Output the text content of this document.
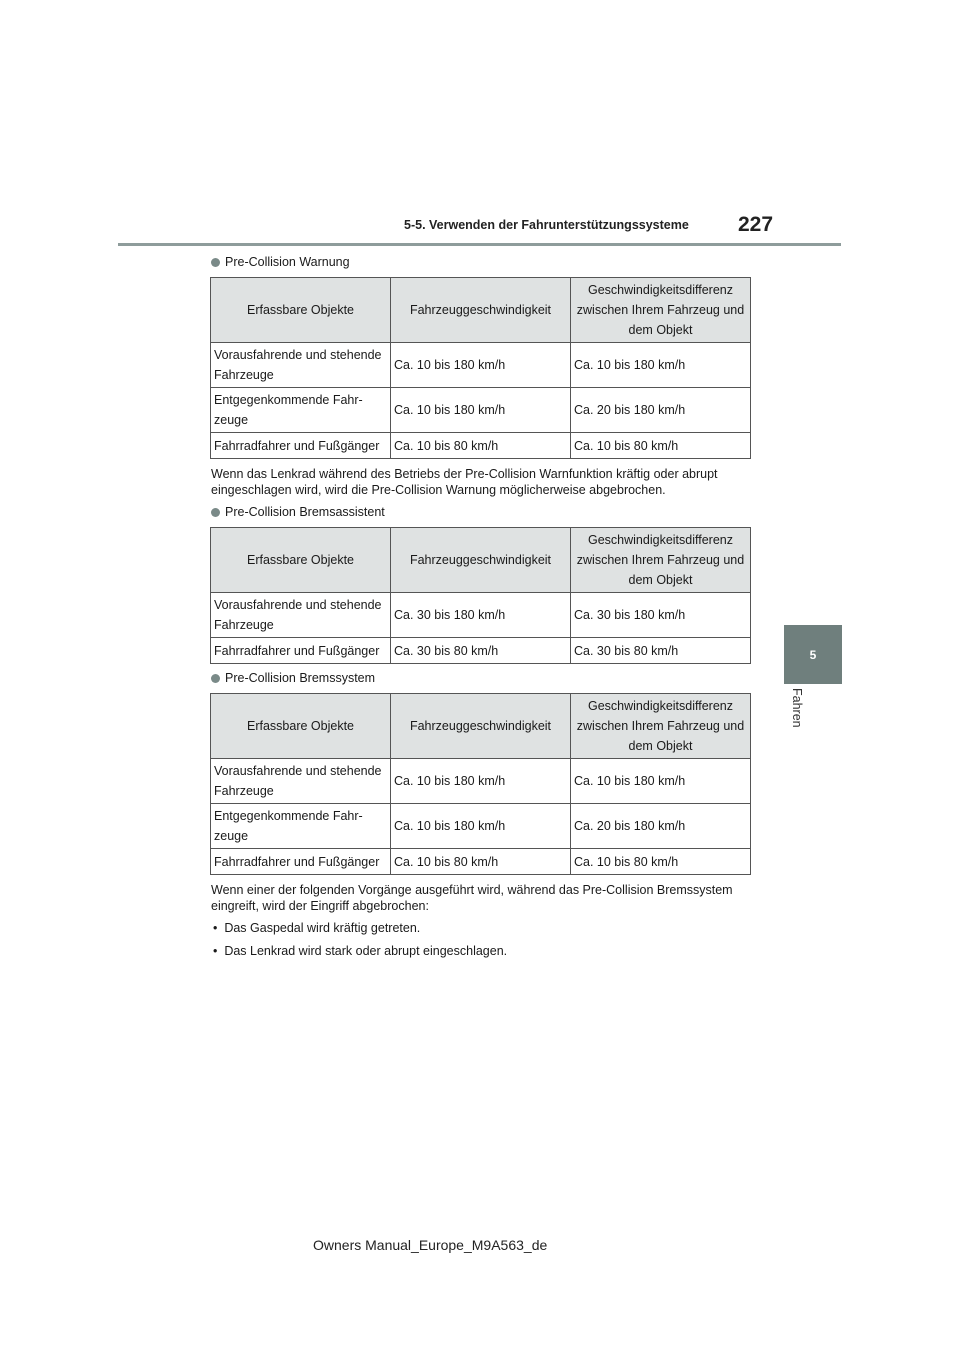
5-5. Verwenden der Fahrunterstützungssysteme 227
5
Fahren
Pre-Collision Warnung
Erfassbare Objekte	Fahrzeuggeschwindigkeit	Geschwindigkeitsdifferenz zwischen Ihrem Fahrzeug und dem Objekt
Vorausfahrende und stehende Fahrzeuge	Ca. 10 bis 180 km/h	Ca. 10 bis 180 km/h
Entgegenkommende Fahr-zeuge	Ca. 10 bis 180 km/h	Ca. 20 bis 180 km/h
Fahrradfahrer und Fußgänger	Ca. 10 bis 80 km/h	Ca. 10 bis 80 km/h
Wenn das Lenkrad während des Betriebs der Pre-Collision Warnfunktion kräftig oder abrupt eingeschlagen wird, wird die Pre-Collision Warnung möglicherweise abgebrochen.
Pre-Collision Bremsassistent
Erfassbare Objekte	Fahrzeuggeschwindigkeit	Geschwindigkeitsdifferenz zwischen Ihrem Fahrzeug und dem Objekt
Vorausfahrende und stehende Fahrzeuge	Ca. 30 bis 180 km/h	Ca. 30 bis 180 km/h
Fahrradfahrer und Fußgänger	Ca. 30 bis 80 km/h	Ca. 30 bis 80 km/h
Pre-Collision Bremssystem
Erfassbare Objekte	Fahrzeuggeschwindigkeit	Geschwindigkeitsdifferenz zwischen Ihrem Fahrzeug und dem Objekt
Vorausfahrende und stehende Fahrzeuge	Ca. 10 bis 180 km/h	Ca. 10 bis 180 km/h
Entgegenkommende Fahr-zeuge	Ca. 10 bis 180 km/h	Ca. 20 bis 180 km/h
Fahrradfahrer und Fußgänger	Ca. 10 bis 80 km/h	Ca. 10 bis 80 km/h
Wenn einer der folgenden Vorgänge ausgeführt wird, während das Pre-Collision Bremssystem eingreift, wird der Eingriff abgebrochen:
•  Das Gaspedal wird kräftig getreten.
•  Das Lenkrad wird stark oder abrupt eingeschlagen.
Owners Manual_Europe_M9A563_de
